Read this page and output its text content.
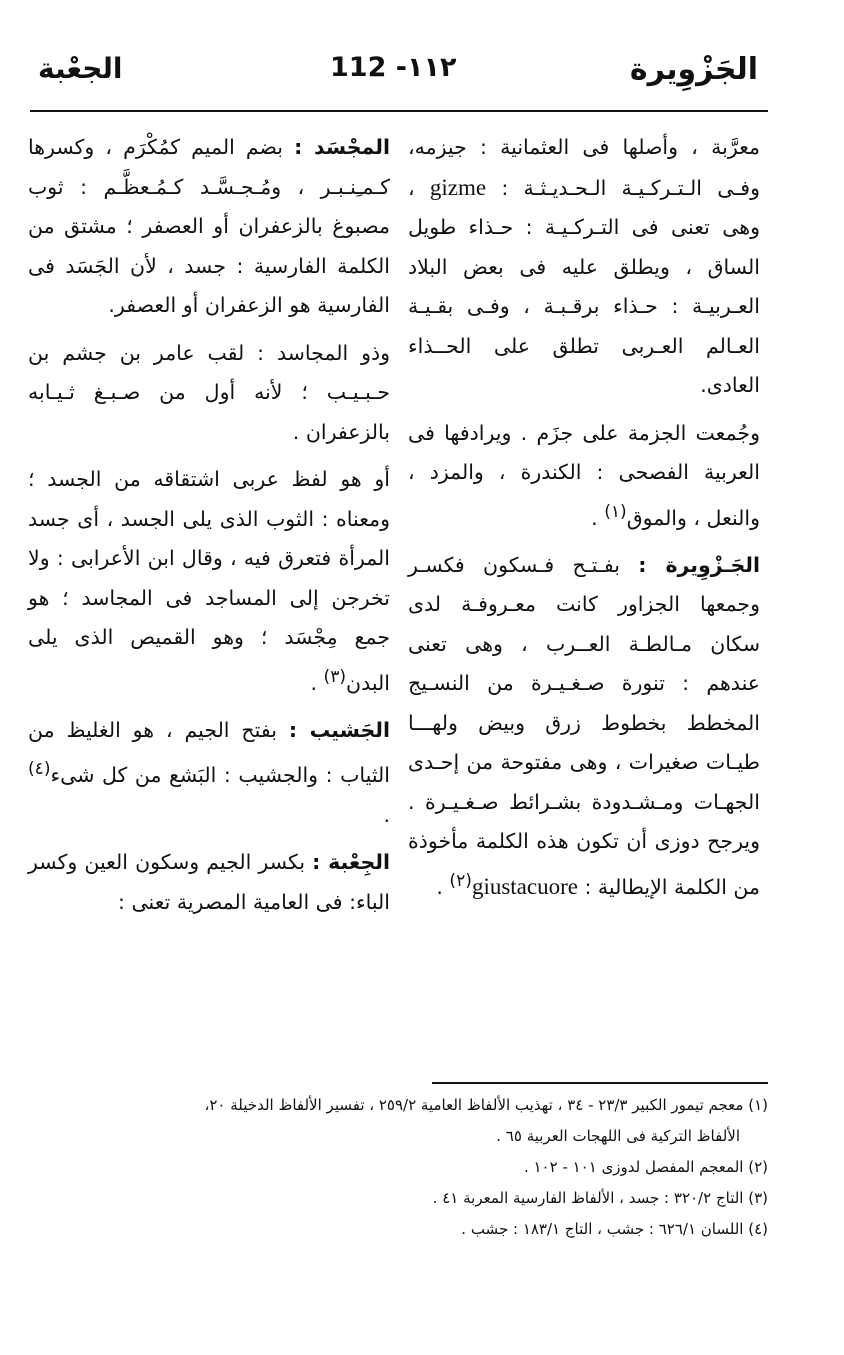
الجَزْوِيرة
١١٢- 112
الجعْبة

معرَّبة ، وأصلها فى العثمانية : جيزمه، وفـى الـتـركـيـة الـحـديـثـة : gizme ، وهى تعنى فى التـركـيـة : حـذاء طويل الساق ، ويطلق عليه فى بعض البلاد العـربيـة : حـذاء برقـبـة ، وفـى بقـيـة العـالم العـربى تطلق على الحــذاء العادى.

وجُمعت الجزمة على جزَم . ويرادفها فى العربية الفصحى : الكندرة ، والمزد ، والنعل ، والموق$^{(١)}$ .

الجَـزْوِيرة : بفـتـح فـسكون فكسـر وجمعها الجزاور كانت معـروفـة لدى سكان مـالطـة العــرب ، وهى تعنى عندهم : تنورة صـغـيـرة من النسـيج المخطط بخطوط زرق وبيض ولهـــا طيـات صغيرات ، وهى مفتوحة من إحـدى الجهـات ومـشـدودة بشـرائط صـغـيـرة . ويرجح دوزى أن تكون هذه الكلمة مأخوذة من الكلمة الإيطالية : giustacuore$^{(٢)}$ .

المجْسَد : بضم الميم كمُكْرَم ، وكسرها كـمـِنـبـر ، ومُـجـسَّـد كـمُـعظَّـم : ثوب مصبوغ بالزعفران أو العصفر ؛ مشتق من الكلمة الفارسية : جسد ، لأن الجَسَد فى الفارسية هو الزعفران أو العصفر.

وذو المجاسد : لقب عامر بن جشم بن حـبـيـب ؛ لأنه أول من صـبـغ ثـيـابه بالزعفران .

أو هو لفظ عربى اشتقاقه من الجسد ؛ ومعناه : الثوب الذى يلى الجسد ، أى جسد المرأة فتعرق فيه ، وقال ابن الأعرابى : ولا تخرجن إلى المساجد فى المجاسد ؛ هو جمع مِجْسَد ؛ وهو القميص الذى يلى البدن$^{(٣)}$ .

الجَشيب : بفتح الجيم ، هو الغليظ من الثياب : والجشيب : البَشع من كل شىء$^{(٤)}$ .

الجِعْبة : بكسر الجيم وسكون العين وكسر الباء: فى العامية المصرية تعنى :

(١) معجم تيمور الكبير ٢٣/٣ - ٣٤ ، تهذيب الألفاظ العامية ٢٥٩/٢ ، تفسير الألفاظ الدخيلة ٢٠،

الألفاظ التركية فى اللهجات العربية ٦٥ .

(٢) المعجم المفصل لدوزى ١٠١ - ١٠٢ .

(٣) التاج ٣٢٠/٢ : جسد ، الألفاظ الفارسية المعربة ٤١ .

(٤) اللسان ٦٢٦/١ : جشب ، التاج ١٨٣/١ : جشب .
